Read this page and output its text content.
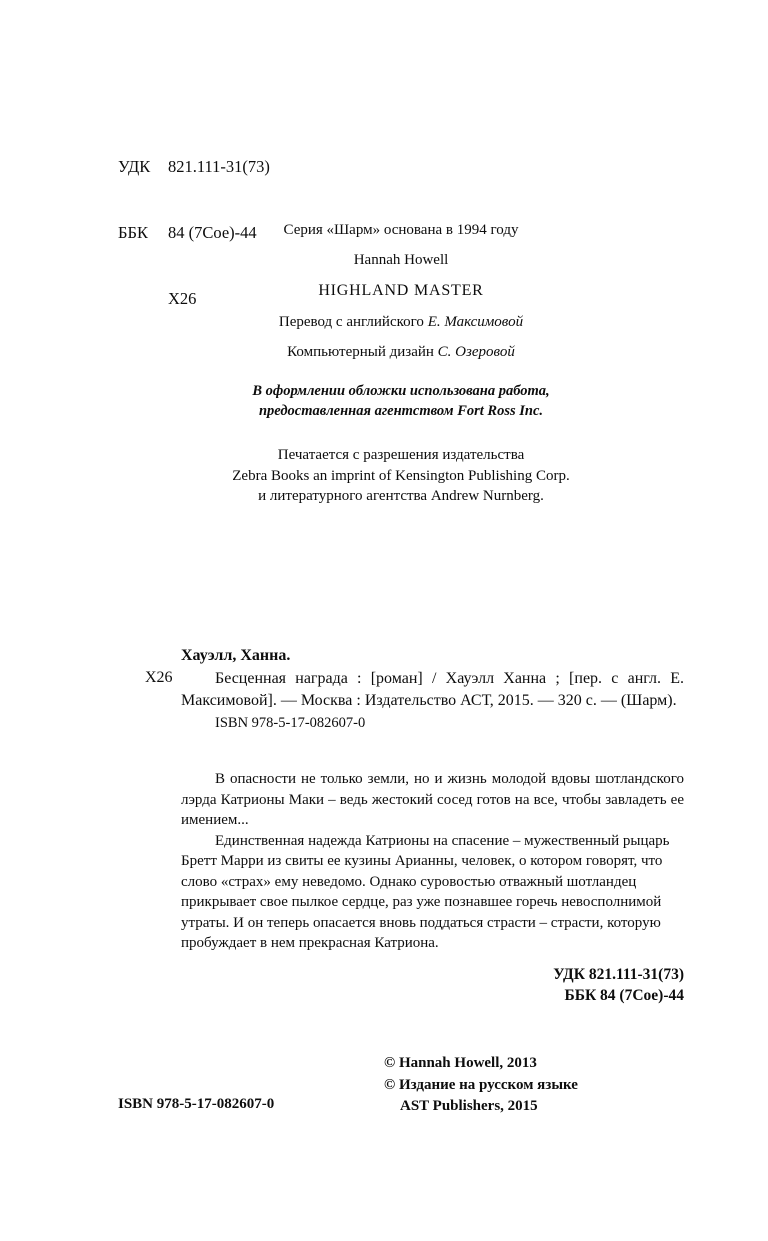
УДК 821.111-31(73)

ББК 84 (7Сое)-44

Х26

Серия «Шарм» основана в 1994 году
Hannah Howell
HIGHLAND MASTER
Перевод с английского Е. Максимовой
Компьютерный дизайн С. Озеровой
В оформлении обложки использована работа,
предоставленная агентством Fort Ross Inc.
Печатается с разрешения издательства
Zebra Books an imprint of Kensington Publishing Corp.
и литературного агентства Andrew Nurnberg.
Х26
Хауэлл, Ханна.
Бесценная награда : [роман] / Хауэлл Ханна ; [пер. с англ. Е. Максимовой]. — Москва : Издательство АСТ, 2015. — 320 с. — (Шарм).
ISBN 978-5-17-082607-0

В опасности не только земли, но и жизнь молодой вдовы шотландского лэрда Катрионы Маки – ведь жестокий сосед готов на все, чтобы завладеть ее имением...

Единственная надежда Катрионы на спасение – мужественный рыцарь Бретт Марри из свиты ее кузины Арианны, человек, о котором говорят, что слово «страх» ему неведомо. Однако суровостью отважный шотландец прикрывает свое пылкое сердце, раз уже познавшее горечь невосполнимой утраты. И он теперь опасается вновь поддаться страсти – страсти, которую пробуждает в нем прекрасная Катриона.

УДК 821.111-31(73)
ББК 84 (7Сое)-44
© Hannah Howell, 2013
© Издание на русском языке
AST Publishers, 2015
ISBN 978-5-17-082607-0
